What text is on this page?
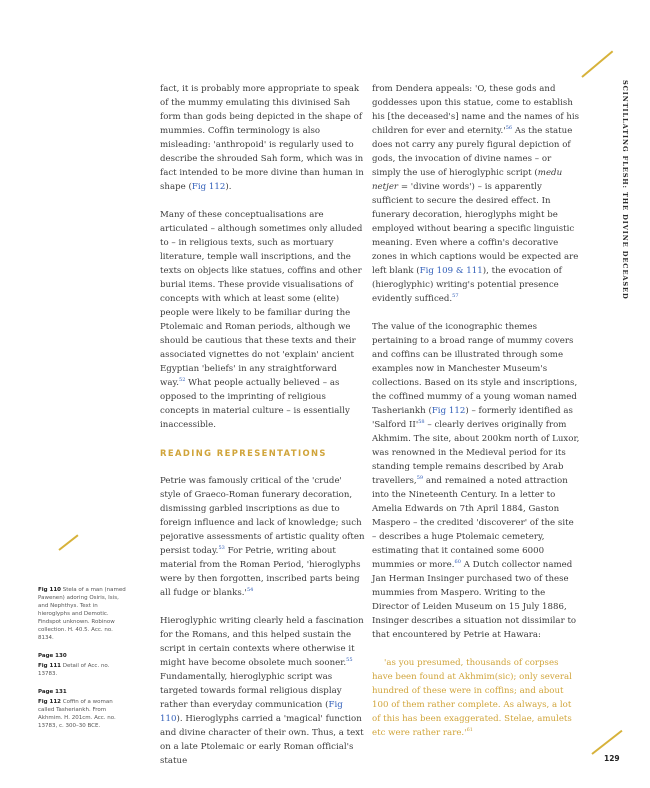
SCINTILLATING FLESH: THE DIVINE DECEASED

fact, it is probably more appropriate to speak of the mummy emulating this divinised Sah form than gods being depicted in the shape of mummies. Coffin terminology is also misleading: 'anthropoid' is regularly used to describe the shrouded Sah form, which was in fact intended to be more divine than human in shape (Fig 112).

Many of these conceptualisations are articulated – although sometimes only alluded to – in religious texts, such as mortuary literature, temple wall inscriptions, and the texts on objects like statues, coffins and other burial items. These provide visualisations of concepts with which at least some (elite) people were likely to be familiar during the Ptolemaic and Roman periods, although we should be cautious that these texts and their associated vignettes do not 'explain' ancient Egyptian 'beliefs' in any straightforward way.$^{52}$ What people actually believed – as opposed to the imprinting of religious concepts in material culture – is essentially inaccessible.

READING REPRESENTATIONS

Petrie was famously critical of the 'crude' style of Graeco-Roman funerary decoration, dismissing garbled inscriptions as due to foreign influence and lack of knowledge; such pejorative assessments of artistic quality often persist today.$^{53}$ For Petrie, writing about material from the Roman Period, 'hieroglyphs were by then forgotten, inscribed parts being all fudge or $blanks.'^{54}$

Hieroglyphic writing clearly held a fascination for the Romans, and this helped sustain the script in certain contexts where otherwise it might have become obsolete much sooner.$^{55}$ Fundamentally, hieroglyphic script was targeted towards formal religious display rather than everyday communication (Fig 110). Hieroglyphs carried a 'magical' function and divine character of their own. Thus, a text on a late Ptolemaic or early Roman official's statue

from Dendera appeals: 'O, these gods and goddesses upon this statue, come to establish his [the deceased's] name and the names of his children for ever and $eternity.'^{56}$ As the statue does not carry any purely figural depiction of gods, the invocation of divine names – or simply the use of hieroglyphic script (medu netjer = 'divine words') – is apparently sufficient to secure the desired effect. In funerary decoration, hieroglyphs might be employed without bearing a specific linguistic meaning. Even where a coffin's decorative zones in which captions would be expected are left blank (Fig 109 & 111), the evocation of (hieroglyphic) writing's potential presence evidently sufficed.$^{57}$

The value of the iconographic themes pertaining to a broad range of mummy covers and coffins can be illustrated through some examples now in Manchester Museum's collections. Based on its style and inscriptions, the coffined mummy of a young woman named Tasheriankh (Fig 112) – formerly identified as 'Salford $II'^{58}$ – clearly derives originally from Akhmim. The site, about 200km north of Luxor, was renowned in the Medieval period for its standing temple remains described by Arab travellers,$^{59}$ and remained a noted attraction into the Nineteenth Century. In a letter to Amelia Edwards on 7th April 1884, Gaston Maspero – the credited 'discoverer' of the site – describes a huge Ptolemaic cemetery, estimating that it contained some 6000 mummies or more.$^{60}$ A Dutch collector named Jan Herman Insinger purchased two of these mummies from Maspero. Writing to the Director of Leiden Museum on 15 July 1886, Insinger describes a situation not dissimilar to that encountered by Petrie at Hawara:

'as you presumed, thousands of corpses have been found at Akhmim(sic); only several hundred of these were in coffins; and about 100 of them rather complete. As always, a lot of this has been exaggerated. Stelae, amulets etc were rather $rare.'^{61}$

Fig 110 Stela of a man (named Pawenen) adoring Osiris, Isis, and Nephthys. Text in hieroglyphs and Demotic. Findspot unknown. Robinow collection. H. 40.5. Acc. no. 8134.
Page 130
Fig 111 Detail of Acc. no. 13783.
Page 131
Fig 112 Coffin of a woman called Tasheriankh. From Akhmim. H. 201cm. Acc. no. 13783, c. 300–30 BCE.
129
